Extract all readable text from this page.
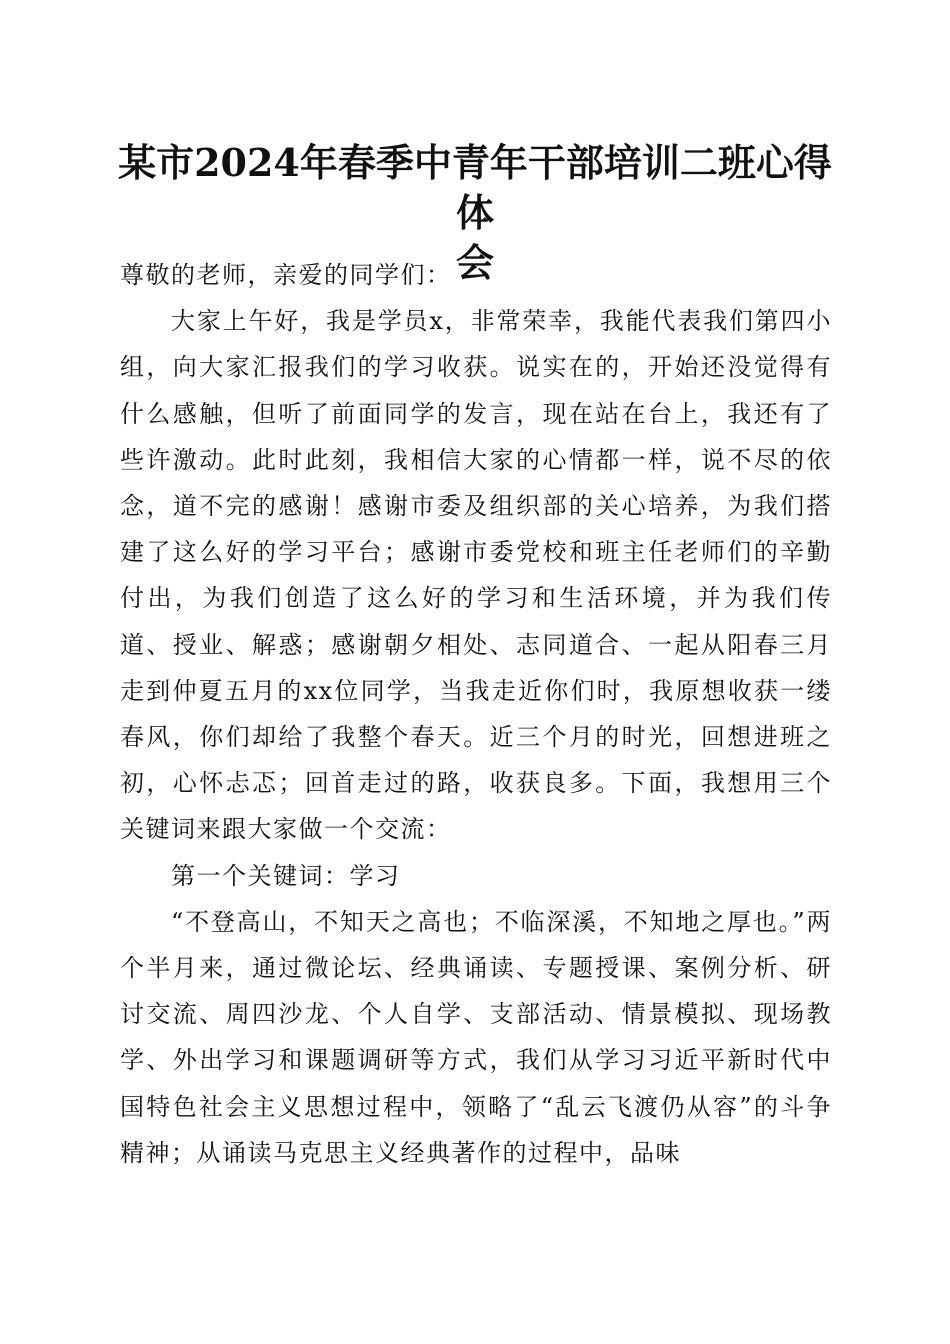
某市2024年春季中青年干部培训二班心得体
会

尊敬的老师，亲爱的同学们：

大家上午好，我是学员x，非常荣幸，我能代表我们第四小组，向大家汇报我们的学习收获。说实在的，开始还没觉得有什么感触，但听了前面同学的发言，现在站在台上，我还有了些许激动。此时此刻，我相信大家的心情都一样，说不尽的依念，道不完的感谢！感谢市委及组织部的关心培养，为我们搭建了这么好的学习平台；感谢市委党校和班主任老师们的辛勤付出，为我们创造了这么好的学习和生活环境，并为我们传道、授业、解惑；感谢朝夕相处、志同道合、一起从阳春三月走到仲夏五月的xx位同学，当我走近你们时，我原想收获一缕春风，你们却给了我整个春天。近三个月的时光，回想进班之初，心怀忐忑；回首走过的路，收获良多。下面，我想用三个关键词来跟大家做一个交流：

第一个关键词：学习

“不登高山，不知天之高也；不临深溪，不知地之厚也。”两个半月来，通过微论坛、经典诵读、专题授课、案例分析、研讨交流、周四沙龙、个人自学、支部活动、情景模拟、现场教学、外出学习和课题调研等方式，我们从学习习近平新时代中国特色社会主义思想过程中，领略了“乱云飞渡仍从容”的斗争精神；从诵读马克思主义经典著作的过程中，品味
